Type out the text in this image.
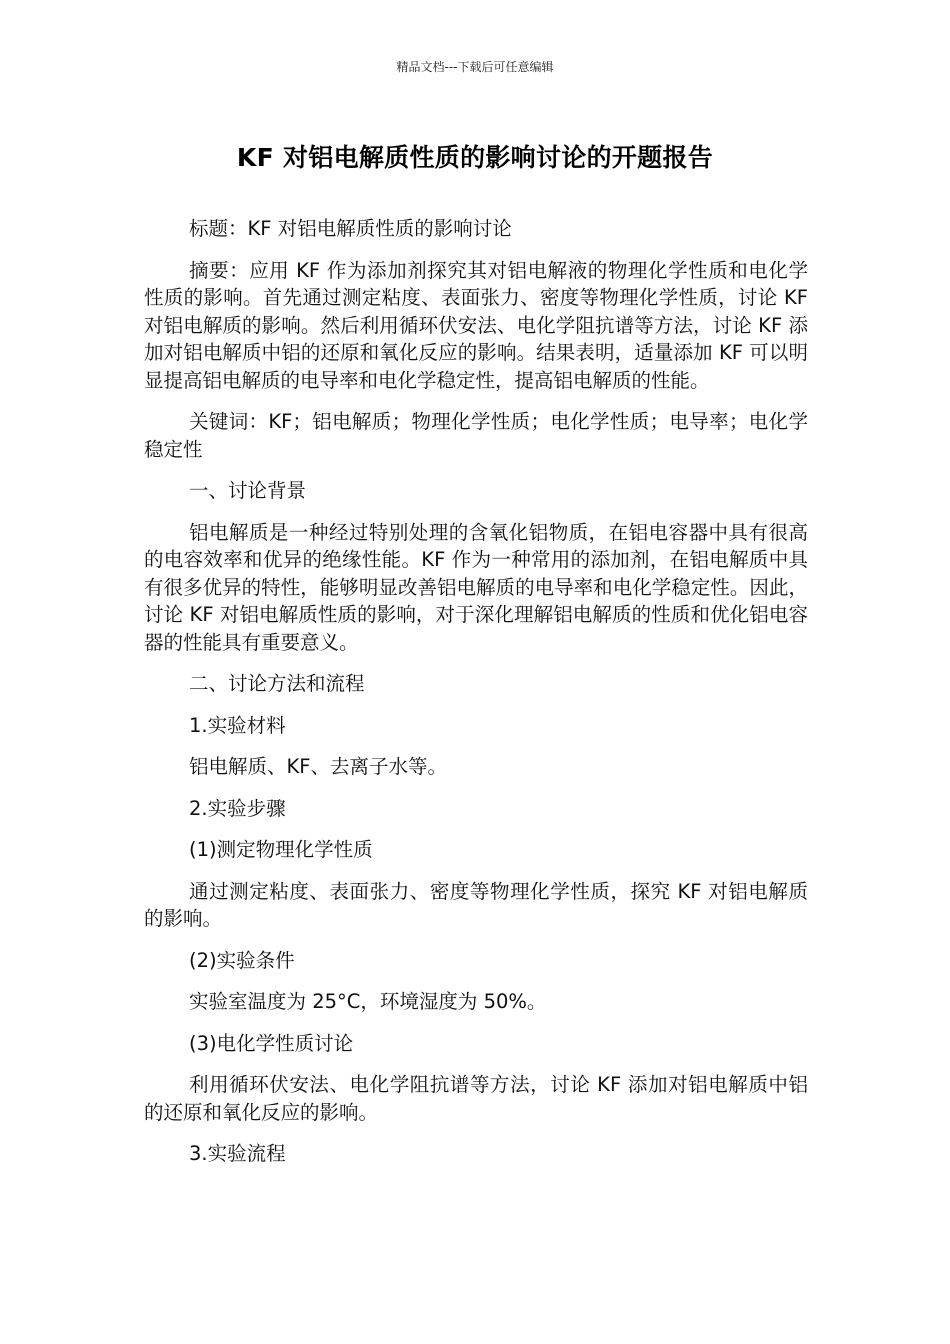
精品文档---下载后可任意编辑
KF 对铝电解质性质的影响讨论的开题报告

标题：KF 对铝电解质性质的影响讨论

摘要：应用 KF 作为添加剂探究其对铝电解液的物理化学性质和电化学性质的影响。首先通过测定粘度、表面张力、密度等物理化学性质，讨论 KF 对铝电解质的影响。然后利用循环伏安法、电化学阻抗谱等方法，讨论 KF 添加对铝电解质中铝的还原和氧化反应的影响。结果表明，适量添加 KF 可以明显提高铝电解质的电导率和电化学稳定性，提高铝电解质的性能。

关键词：KF；铝电解质；物理化学性质；电化学性质；电导率；电化学稳定性

一、讨论背景

铝电解质是一种经过特别处理的含氧化铝物质，在铝电容器中具有很高的电容效率和优异的绝缘性能。KF 作为一种常用的添加剂，在铝电解质中具有很多优异的特性，能够明显改善铝电解质的电导率和电化学稳定性。因此，讨论 KF 对铝电解质性质的影响，对于深化理解铝电解质的性质和优化铝电容器的性能具有重要意义。

二、讨论方法和流程

1.实验材料

铝电解质、KF、去离子水等。

2.实验步骤

(1)测定物理化学性质

通过测定粘度、表面张力、密度等物理化学性质，探究 KF 对铝电解质的影响。

(2)实验条件

实验室温度为 25°C，环境湿度为 50%。

(3)电化学性质讨论

利用循环伏安法、电化学阻抗谱等方法，讨论 KF 添加对铝电解质中铝的还原和氧化反应的影响。

3.实验流程
